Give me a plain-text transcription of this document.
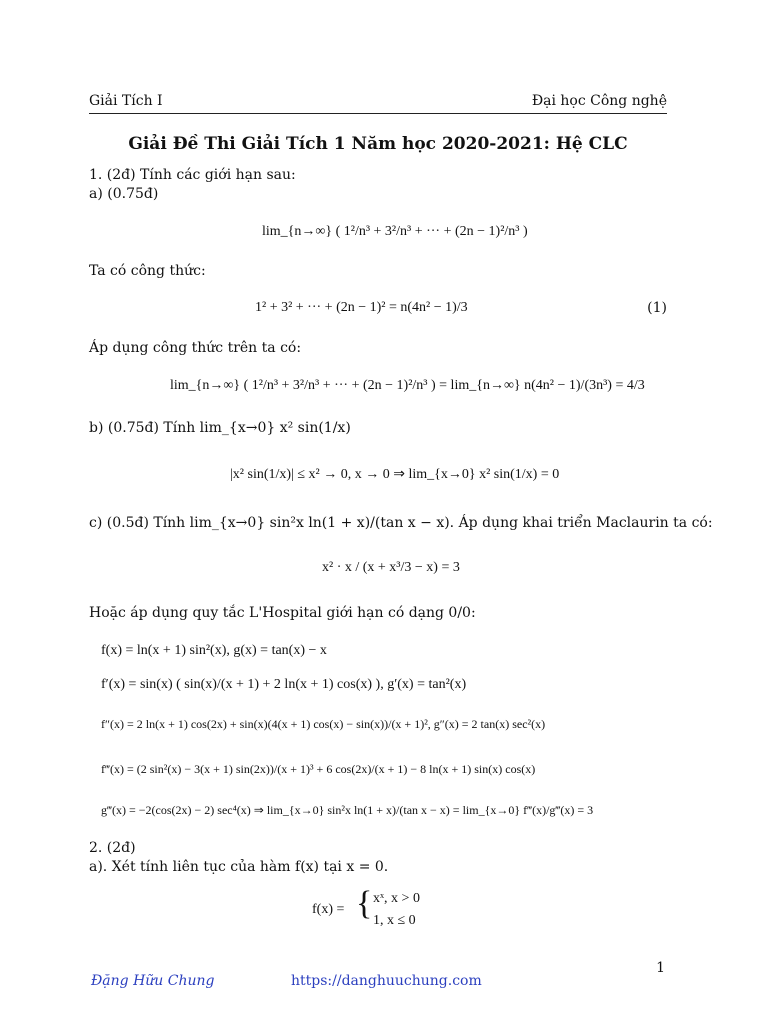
Giải Tích I	Đại học Công nghệ
Giải Đề Thi Giải Tích 1 Năm học 2020-2021: Hệ CLC
1. (2đ) Tính các giới hạn sau:
a) (0.75đ)
lim_{n→∞} ( 1²/n³ + 3²/n³ + ··· + (2n − 1)²/n³ )
Ta có công thức:
1² + 3² + ··· + (2n − 1)² = n(4n² − 1)/3	(1)
Áp dụng công thức trên ta có:
lim_{n→∞} ( 1²/n³ + 3²/n³ + ··· + (2n − 1)²/n³ ) = lim_{n→∞} n(4n² − 1)/(3n³) = 4/3
b) (0.75đ) Tính lim_{x→0} x² sin(1/x)
|x² sin(1/x)| ≤ x² → 0, x → 0 ⇒ lim_{x→0} x² sin(1/x) = 0
c) (0.5đ) Tính lim_{x→0} sin²x ln(1 + x)/(tan x − x). Áp dụng khai triển Maclaurin ta có:
x² · x / (x + x³/3 − x) = 3
Hoặc áp dụng quy tắc L'Hospital giới hạn có dạng 0/0:
f(x) = ln(x + 1) sin²(x), g(x) = tan(x) − x
f′(x) = sin(x) ( sin(x)/(x + 1) + 2 ln(x + 1) cos(x) ), g′(x) = tan²(x)
f″(x) = 2 ln(x + 1) cos(2x) + sin(x)(4(x + 1) cos(x) − sin(x))/(x + 1)², g″(x) = 2 tan(x) sec²(x)
f‴(x) = (2 sin²(x) − 3(x + 1) sin(2x))/(x + 1)³ + 6 cos(2x)/(x + 1) − 8 ln(x + 1) sin(x) cos(x)
g‴(x) = −2(cos(2x) − 2) sec⁴(x) ⇒ lim_{x→0} sin²x ln(1 + x)/(tan x − x) = lim_{x→0} f‴(x)/g‴(x) = 3
2. (2đ)
a). Xét tính liên tục của hàm f(x) tại x = 0.
f(x) = { xˣ, x > 0
1, x ≤ 0
1
Đặng Hữu Chung	https://danghuuchung.com
